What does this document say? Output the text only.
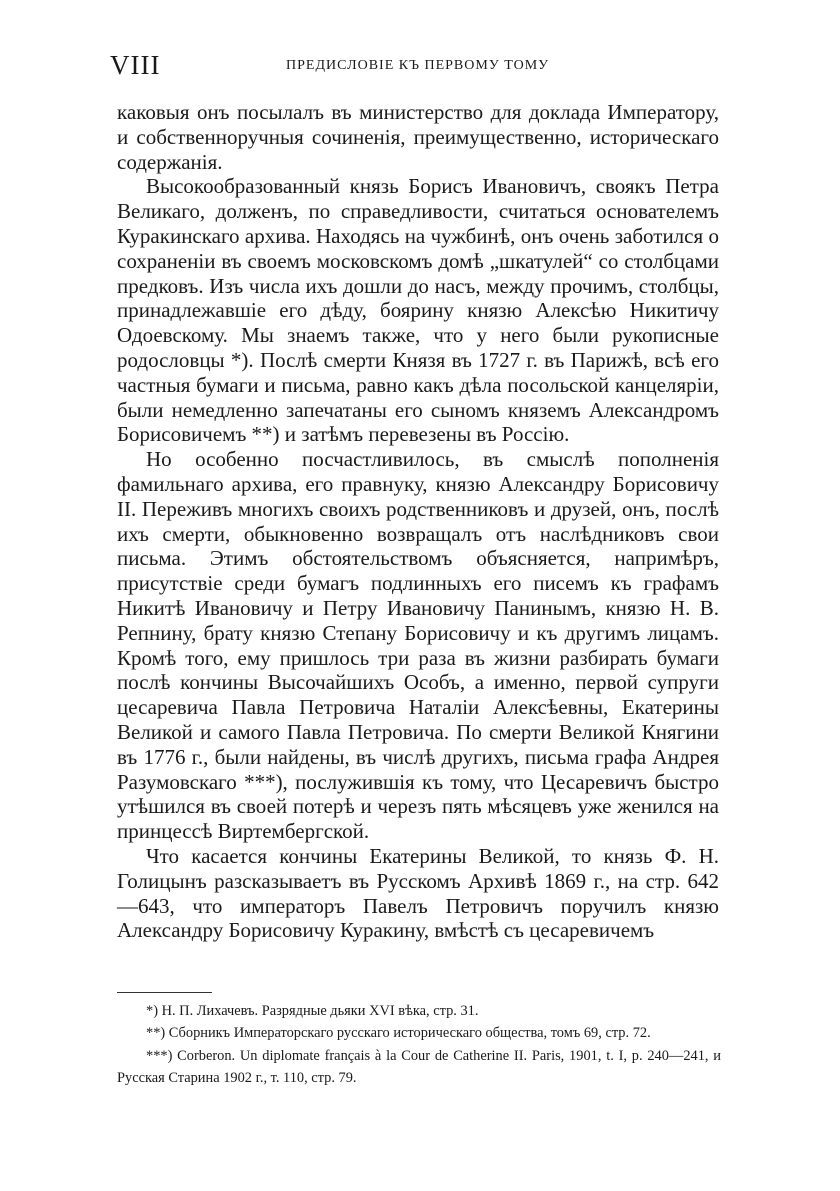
VIII	ПРЕДИСЛОВІЕ КЪ ПЕРВОМУ ТОМУ

каковыя онъ посылалъ въ министерство для доклада Императору, и собственноручныя сочиненія, преимущественно, историческаго содержанія.

Высокообразованный князь Борисъ Ивановичъ, своякъ Петра Великаго, долженъ, по справедливости, считаться основателемъ Куракинскаго архива. Находясь на чужбинѣ, онъ очень заботился о сохраненіи въ своемъ московскомъ домѣ „шкатулей“ со столбцами предковъ. Изъ числа ихъ дошли до насъ, между прочимъ, столбцы, принадлежавшіе его дѣду, боярину князю Алексѣю Никитичу Одоевскому. Мы знаемъ также, что у него были рукописные родословцы *). Послѣ смерти Князя въ 1727 г. въ Парижѣ, всѣ его частныя бумаги и письма, равно какъ дѣла посольской канцеляріи, были немедленно запечатаны его сыномъ княземъ Александромъ Борисовичемъ **) и затѣмъ перевезены въ Россію.

Но особенно посчастливилось, въ смыслѣ пополненія фамильнаго архива, его правнуку, князю Александру Борисовичу II. Переживъ многихъ своихъ родственниковъ и друзей, онъ, послѣ ихъ смерти, обыкновенно возвращалъ отъ наслѣдниковъ свои письма. Этимъ обстоятельствомъ объясняется, напримѣръ, присутствіе среди бумагъ подлинныхъ его писемъ къ графамъ Никитѣ Ивановичу и Петру Ивановичу Панинымъ, князю Н. В. Репнину, брату князю Степану Борисовичу и къ другимъ лицамъ. Кромѣ того, ему пришлось три раза въ жизни разбирать бумаги послѣ кончины Высочайшихъ Особъ, а именно, первой супруги цесаревича Павла Петровича Наталіи Алексѣевны, Екатерины Великой и самого Павла Петровича. По смерти Великой Княгини въ 1776 г., были найдены, въ числѣ другихъ, письма графа Андрея Разумовскаго ***), послужившія къ тому, что Цесаревичъ быстро утѣшился въ своей потерѣ и черезъ пять мѣсяцевъ уже женился на принцессѣ Виртембергской.

Что касается кончины Екатерины Великой, то князь Ф. Н. Голицынъ разсказываетъ въ Русскомъ Архивѣ 1869 г., на стр. 642—643, что императоръ Павелъ Петровичъ поручилъ князю Александру Борисовичу Куракину, вмѣстѣ съ цесаревичемъ

*) Н. П. Лихачевъ. Разрядные дьяки XVI вѣка, стр. 31.

**) Сборникъ Императорскаго русскаго историческаго общества, томъ 69, стр. 72.

***) Corberon. Un diplomate français à la Cour de Catherine II. Paris, 1901, t. I, p. 240—241, и Русская Старина 1902 г., т. 110, стр. 79.
